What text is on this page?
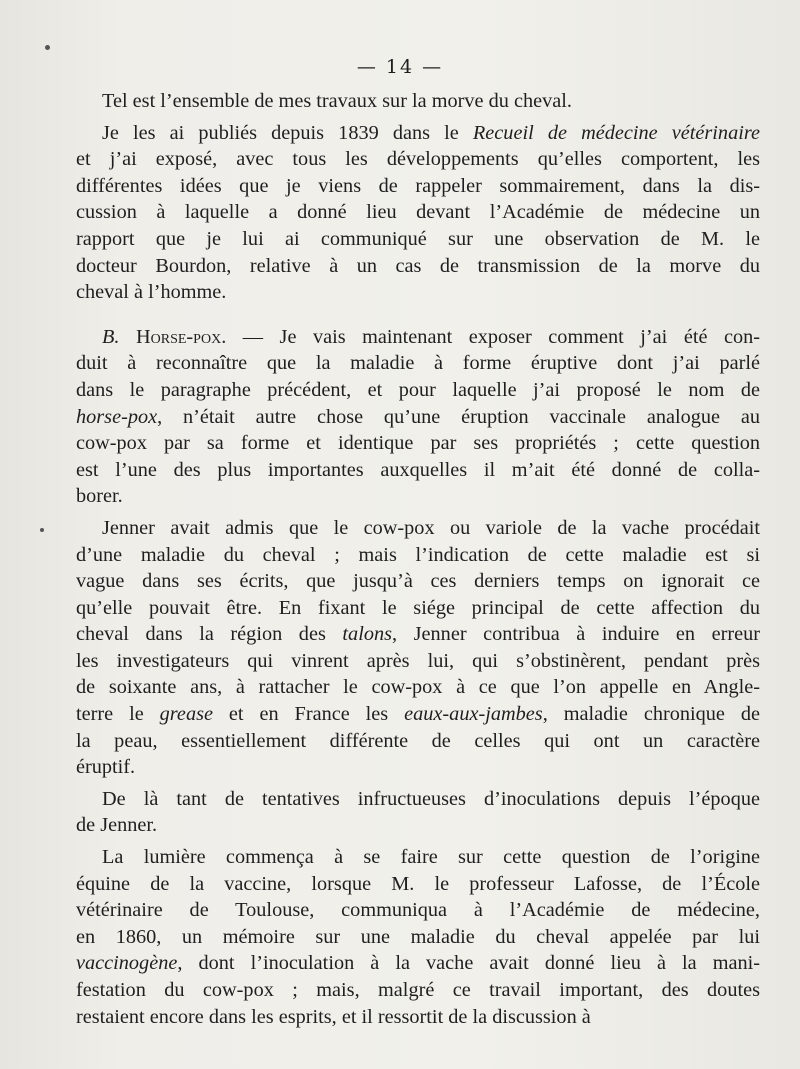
— 14 —
Tel est l’ensemble de mes travaux sur la morve du cheval.
Je les ai publiés depuis 1839 dans le Recueil de médecine vétérinaire
et j’ai exposé, avec tous les développements qu’elles comportent, les
différentes idées que je viens de rappeler sommairement, dans la dis-
cussion à laquelle a donné lieu devant l’Académie de médecine un
rapport que je lui ai communiqué sur une observation de M. le
docteur Bourdon, relative à un cas de transmission de la morve du
cheval à l’homme.
B. Horse-pox. — Je vais maintenant exposer comment j’ai été con-
duit à reconnaître que la maladie à forme éruptive dont j’ai parlé
dans le paragraphe précédent, et pour laquelle j’ai proposé le nom de
horse-pox, n’était autre chose qu’une éruption vaccinale analogue au
cow-pox par sa forme et identique par ses propriétés ; cette question
est l’une des plus importantes auxquelles il m’ait été donné de colla-
borer.
Jenner avait admis que le cow-pox ou variole de la vache procédait
d’une maladie du cheval ; mais l’indication de cette maladie est si
vague dans ses écrits, que jusqu’à ces derniers temps on ignorait ce
qu’elle pouvait être. En fixant le siége principal de cette affection du
cheval dans la région des talons, Jenner contribua à induire en erreur
les investigateurs qui vinrent après lui, qui s’obstinèrent, pendant près
de soixante ans, à rattacher le cow-pox à ce que l’on appelle en Angle-
terre le grease et en France les eaux-aux-jambes, maladie chronique de
la peau, essentiellement différente de celles qui ont un caractère
éruptif.
De là tant de tentatives infructueuses d’inoculations depuis l’époque
de Jenner.
La lumière commença à se faire sur cette question de l’origine
équine de la vaccine, lorsque M. le professeur Lafosse, de l’École
vétérinaire de Toulouse, communiqua à l’Académie de médecine,
en 1860, un mémoire sur une maladie du cheval appelée par lui
vaccinogène, dont l’inoculation à la vache avait donné lieu à la mani-
festation du cow-pox ; mais, malgré ce travail important, des doutes
restaient encore dans les esprits, et il ressortit de la discussion à
